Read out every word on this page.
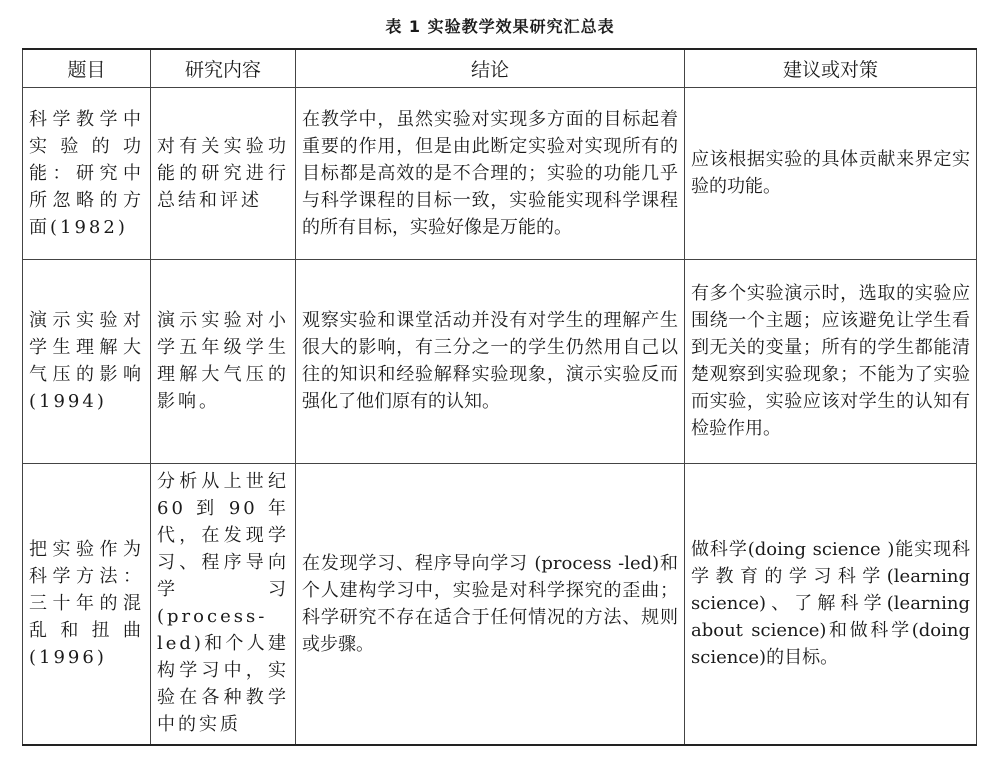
表 1 实验教学效果研究汇总表
题目	研究内容	结论	建议或对策
科学教学中实验的功能：研究中所忽略的方面(1982)	对有关实验功能的研究进行总结和评述	在教学中，虽然实验对实现多方面的目标起着重要的作用，但是由此断定实验对实现所有的目标都是高效的是不合理的；实验的功能几乎与科学课程的目标一致，实验能实现科学课程的所有目标，实验好像是万能的。	应该根据实验的具体贡献来界定实验的功能。
演示实验对学生理解大气压的影响(1994)	演示实验对小学五年级学生理解大气压的影响。	观察实验和课堂活动并没有对学生的理解产生很大的影响，有三分之一的学生仍然用自己以往的知识和经验解释实验现象，演示实验反而强化了他们原有的认知。	有多个实验演示时，选取的实验应围绕一个主题；应该避免让学生看到无关的变量；所有的学生都能清楚观察到实验现象；不能为了实验而实验，实验应该对学生的认知有检验作用。
把实验作为科学方法：三十年的混乱和扭曲(1996)	分析从上世纪 60 到 90 年代，在发现学习、程序导向学习 (process-led)和个人建构学习中，实验在各种教学中的实质	在发现学习、程序导向学习 (process -led)和个人建构学习中，实验是对科学探究的歪曲；科学研究不存在适合于任何情况的方法、规则或步骤。	做科学(doing science )能实现科学教育的学习科学(learning science)、了解科学(learning about science)和做科学(doing science)的目标。
